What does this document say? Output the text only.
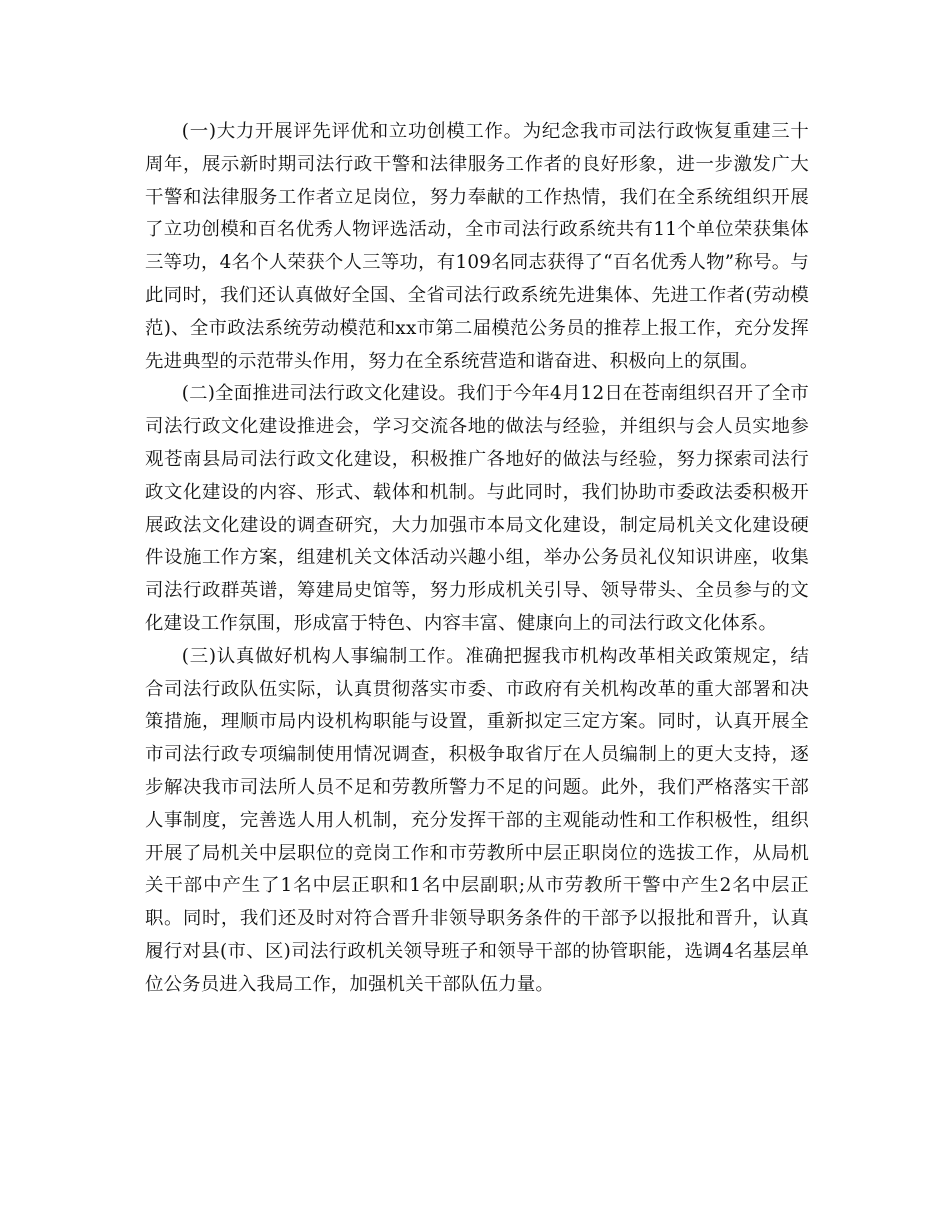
(一)大力开展评先评优和立功创模工作。为纪念我市司法行政恢复重建三十周年，展示新时期司法行政干警和法律服务工作者的良好形象，进一步激发广大干警和法律服务工作者立足岗位，努力奉献的工作热情，我们在全系统组织开展了立功创模和百名优秀人物评选活动，全市司法行政系统共有11个单位荣获集体三等功，4名个人荣获个人三等功，有109名同志获得了“百名优秀人物”称号。与此同时，我们还认真做好全国、全省司法行政系统先进集体、先进工作者(劳动模范)、全市政法系统劳动模范和xx市第二届模范公务员的推荐上报工作，充分发挥先进典型的示范带头作用，努力在全系统营造和谐奋进、积极向上的氛围。

(二)全面推进司法行政文化建设。我们于今年4月12日在苍南组织召开了全市司法行政文化建设推进会，学习交流各地的做法与经验，并组织与会人员实地参观苍南县局司法行政文化建设，积极推广各地好的做法与经验，努力探索司法行政文化建设的内容、形式、载体和机制。与此同时，我们协助市委政法委积极开展政法文化建设的调查研究，大力加强市本局文化建设，制定局机关文化建设硬件设施工作方案，组建机关文体活动兴趣小组，举办公务员礼仪知识讲座，收集司法行政群英谱，筹建局史馆等，努力形成机关引导、领导带头、全员参与的文化建设工作氛围，形成富于特色、内容丰富、健康向上的司法行政文化体系。

(三)认真做好机构人事编制工作。准确把握我市机构改革相关政策规定，结合司法行政队伍实际，认真贯彻落实市委、市政府有关机构改革的重大部署和决策措施，理顺市局内设机构职能与设置，重新拟定三定方案。同时，认真开展全市司法行政专项编制使用情况调查，积极争取省厅在人员编制上的更大支持，逐步解决我市司法所人员不足和劳教所警力不足的问题。此外，我们严格落实干部人事制度，完善选人用人机制，充分发挥干部的主观能动性和工作积极性，组织开展了局机关中层职位的竞岗工作和市劳教所中层正职岗位的选拔工作，从局机关干部中产生了1名中层正职和1名中层副职;从市劳教所干警中产生2名中层正职。同时，我们还及时对符合晋升非领导职务条件的干部予以报批和晋升，认真履行对县(市、区)司法行政机关领导班子和领导干部的协管职能，选调4名基层单位公务员进入我局工作，加强机关干部队伍力量。
